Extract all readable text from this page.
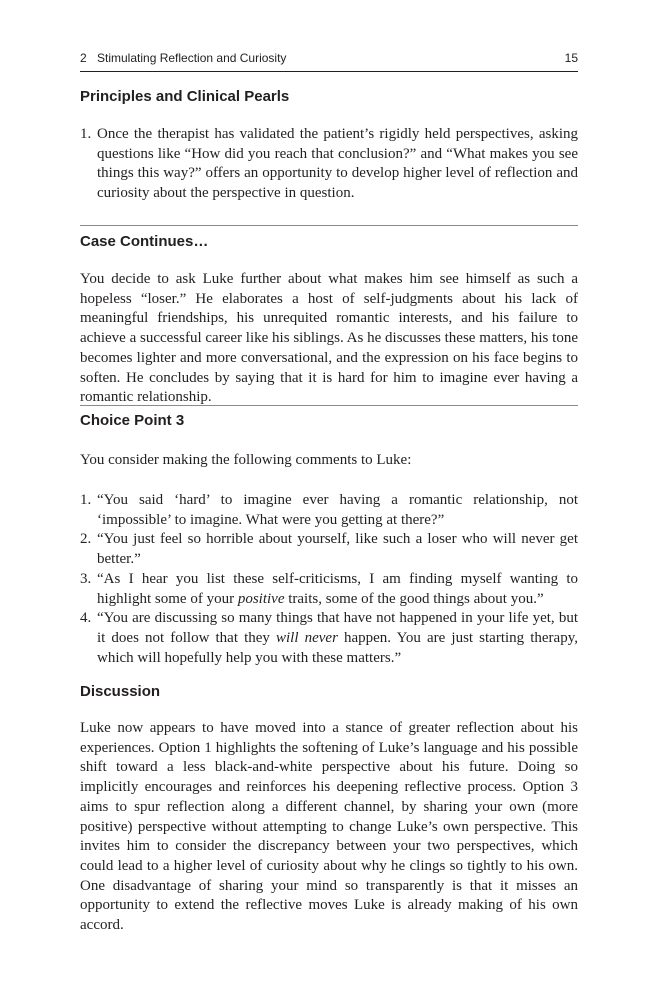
2 Stimulating Reflection and Curiosity	15
Principles and Clinical Pearls
1. Once the therapist has validated the patient’s rigidly held perspectives, asking questions like “How did you reach that conclusion?” and “What makes you see things this way?” offers an opportunity to develop higher level of reflection and curiosity about the perspective in question.
Case Continues…

You decide to ask Luke further about what makes him see himself as such a hopeless “loser.” He elaborates a host of self-judgments about his lack of meaningful friendships, his unrequited romantic interests, and his failure to achieve a successful career like his siblings. As he discusses these matters, his tone becomes lighter and more conversational, and the expression on his face begins to soften. He concludes by saying that it is hard for him to imagine ever having a romantic relationship.

Choice Point 3

You consider making the following comments to Luke:

1. “You said ‘hard’ to imagine ever having a romantic relationship, not ‘impossible’ to imagine. What were you getting at there?”
2. “You just feel so horrible about yourself, like such a loser who will never get better.”
3. “As I hear you list these self-criticisms, I am finding myself wanting to highlight some of your positive traits, some of the good things about you.”
4. “You are discussing so many things that have not happened in your life yet, but it does not follow that they will never happen. You are just starting therapy, which will hopefully help you with these matters.”
Discussion

Luke now appears to have moved into a stance of greater reflection about his experiences. Option 1 highlights the softening of Luke’s language and his possible shift toward a less black-and-white perspective about his future. Doing so implicitly encourages and reinforces his deepening reflective process. Option 3 aims to spur reflection along a different channel, by sharing your own (more positive) perspective without attempting to change Luke’s own perspective. This invites him to consider the discrepancy between your two perspectives, which could lead to a higher level of curiosity about why he clings so tightly to his own. One disadvantage of sharing your mind so transparently is that it misses an opportunity to extend the reflective moves Luke is already making of his own accord.
